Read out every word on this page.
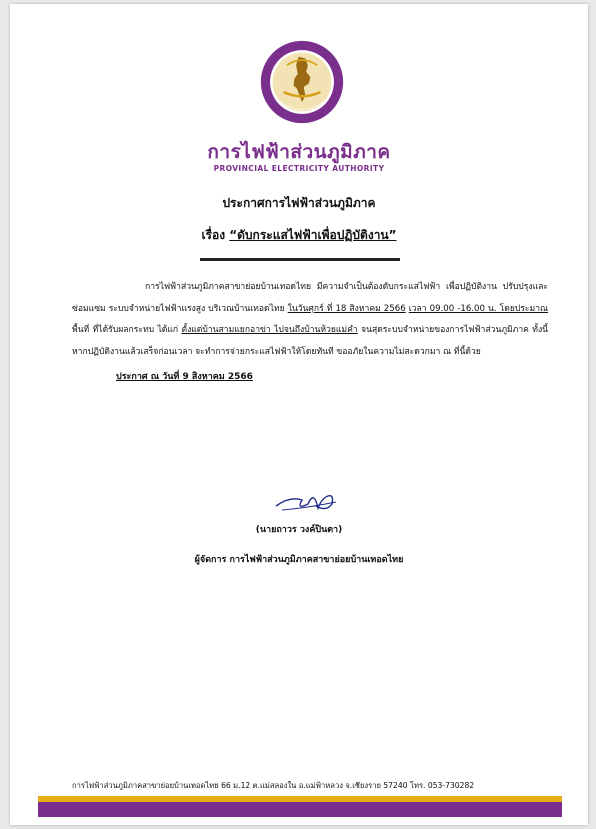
การไฟฟ้าส่วนภูมิภาค
PROVINCIAL ELECTRICITY AUTHORITY
ประกาศการไฟฟ้าส่วนภูมิภาค
เรื่อง “ดับกระแสไฟฟ้าเพื่อปฏิบัติงาน”
การไฟฟ้าส่วนภูมิภาคสาขาย่อยบ้านเทอดไทย มีความจำเป็นต้องดับกระแสไฟฟ้า เพื่อปฏิบัติงาน ปรับปรุงและซ่อมแซม ระบบจำหน่ายไฟฟ้าแรงสูง บริเวณบ้านเทอดไทย ในวันศุกร์ ที่ 18 สิงหาคม 2566 เวลา 09.00 -16.00 น. โดยประมาณ พื้นที่ ที่ได้รับผลกระทบ ได้แก่ ตั้งแต่บ้านสามแยกอาข่า ไปจนถึงบ้านห้วยแม่คำ จนสุดระบบจำหน่ายของการไฟฟ้าส่วนภูมิภาค ทั้งนี้ หากปฏิบัติงานแล้วเสร็จก่อนเวลา จะทำการจ่ายกระแสไฟฟ้าให้โดยทันที ขออภัยในความไม่สะดวกมา ณ ที่นี้ด้วย
ประกาศ ณ วันที่ 9 สิงหาคม 2566
(นายถาวร วงค์ปินตา)
ผู้จัดการ การไฟฟ้าส่วนภูมิภาคสาขาย่อยบ้านเทอดไทย
การไฟฟ้าส่วนภูมิภาคสาขาย่อยบ้านเทอดไทย 66 ม.12 ต.แม่สลองใน อ.แม่ฟ้าหลวง จ.เชียงราย 57240 โทร. 053-730282
